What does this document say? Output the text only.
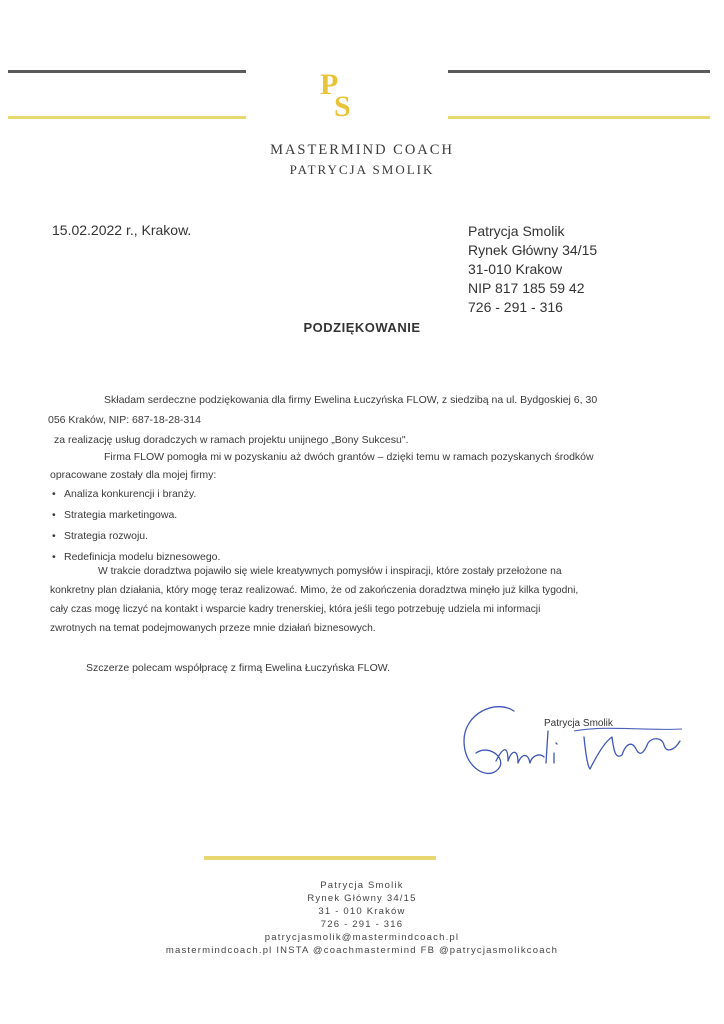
P
S
MASTERMIND COACH
PATRYCJA SMOLIK
15.02.2022 r., Krakow.	Patrycja Smolik
Rynek Główny 34/15
31-010 Krakow
NIP 817 185 59 42
726 - 291 - 316
PODZIĘKOWANIE
Składam serdeczne podziękowania dla firmy Ewelina Łuczyńska FLOW, z siedzibą na ul. Bydgoskiej 6, 30
056 Kraków, NIP: 687-18-28-314
za realizację usług doradczych w ramach projektu unijnego „Bony Sukcesu".
Firma FLOW pomogła mi w pozyskaniu aż dwóch grantów – dzięki temu w ramach pozyskanych środków
opracowane zostały dla mojej firmy:
• Analiza konkurencji i branży.
• Strategia marketingowa.
• Strategia rozwoju.
• Redefinicja modelu biznesowego.
W trakcie doradztwa pojawiło się wiele kreatywnych pomysłów i inspiracji, które zostały przełożone na
konkretny plan działania, który mogę teraz realizować. Mimo, że od zakończenia doradztwa minęło już kilka tygodni,
cały czas mogę liczyć na kontakt i wsparcie kadry trenerskiej, która jeśli tego potrzebuję udziela mi informacji
zwrotnych na temat podejmowanych przeze mnie działań biznesowych.
Szczerze polecam współpracę z firmą Ewelina Łuczyńska FLOW.
Patrycja Smolik
Patrycja Smolik
Rynek Główny 34/15
31 - 010 Kraków
726 - 291 - 316
patrycjasmolik@mastermindcoach.pl
mastermindcoach.pl INSTA @coachmastermind FB @patrycjasmolikcoach
